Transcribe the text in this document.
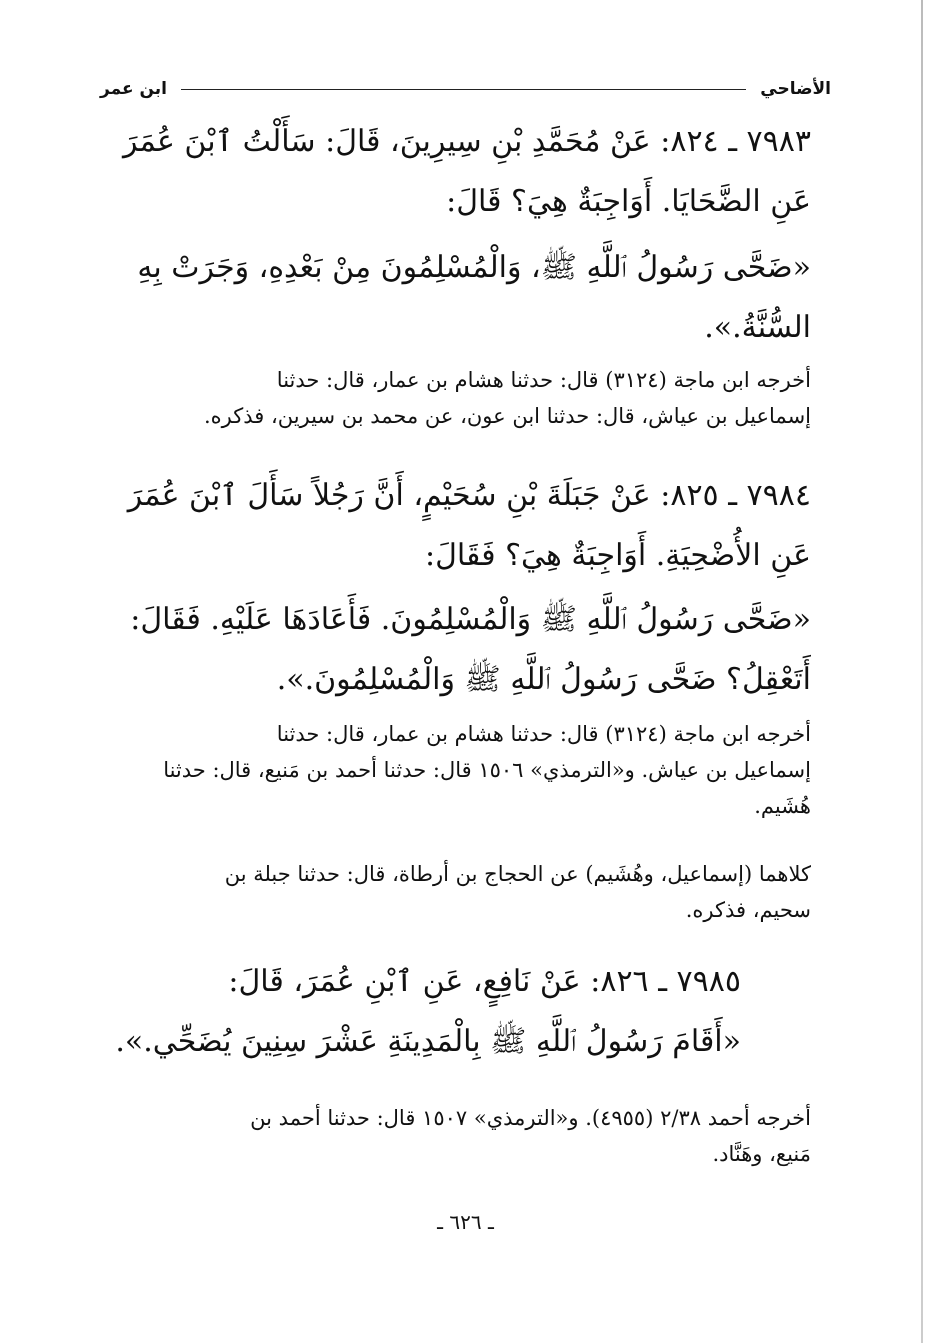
الأضاحي
ابن عمر
٧٩٨٣ ـ ٨٢٤: عَنْ مُحَمَّدِ بْنِ سِيرِينَ، قَالَ: سَأَلْتُ ٱبْنَ عُمَرَ
عَنِ الضَّحَايَا. أَوَاجِبَةٌ هِيَ؟ قَالَ:
«ضَحَّى رَسُولُ ٱللَّهِ ﷺ، وَالْمُسْلِمُونَ مِنْ بَعْدِهِ، وَجَرَتْ بِهِ
السُّنَّةُ.».
أخرجه ابن ماجة (٣١٢٤) قال: حدثنا هشام بن عمار، قال: حدثنا
إسماعيل بن عياش، قال: حدثنا ابن عون، عن محمد بن سيرين، فذكره.
٧٩٨٤ ـ ٨٢٥: عَنْ جَبَلَةَ بْنِ سُحَيْمٍ، أَنَّ رَجُلاً سَأَلَ ٱبْنَ عُمَرَ
عَنِ الأُضْحِيَةِ. أَوَاجِبَةٌ هِيَ؟ فَقَالَ:
«ضَحَّى رَسُولُ ٱللَّهِ ﷺ وَالْمُسْلِمُونَ. فَأَعَادَهَا عَلَيْهِ. فَقَالَ:
أَتَعْقِلُ؟ ضَحَّى رَسُولُ ٱللَّهِ ﷺ وَالْمُسْلِمُونَ.».
أخرجه ابن ماجة (٣١٢٤) قال: حدثنا هشام بن عمار، قال: حدثنا
إسماعيل بن عياش. و«الترمذي» ١٥٠٦ قال: حدثنا أحمد بن مَنيع، قال: حدثنا
هُشَيم.
كلاهما (إسماعيل، وهُشَيم) عن الحجاج بن أرطاة، قال: حدثنا جبلة بن
سحيم، فذكره.
٧٩٨٥ ـ ٨٢٦: عَنْ نَافِعٍ، عَنِ ٱبْنِ عُمَرَ، قَالَ:
«أَقَامَ رَسُولُ ٱللَّهِ ﷺ بِالْمَدِينَةِ عَشْرَ سِنِينَ يُضَحِّي.».
أخرجه أحمد ٢/٣٨ (٤٩٥٥). و«الترمذي» ١٥٠٧ قال: حدثنا أحمد بن
مَنيع، وهَنَّاد.
ـ ٦٢٦ ـ
